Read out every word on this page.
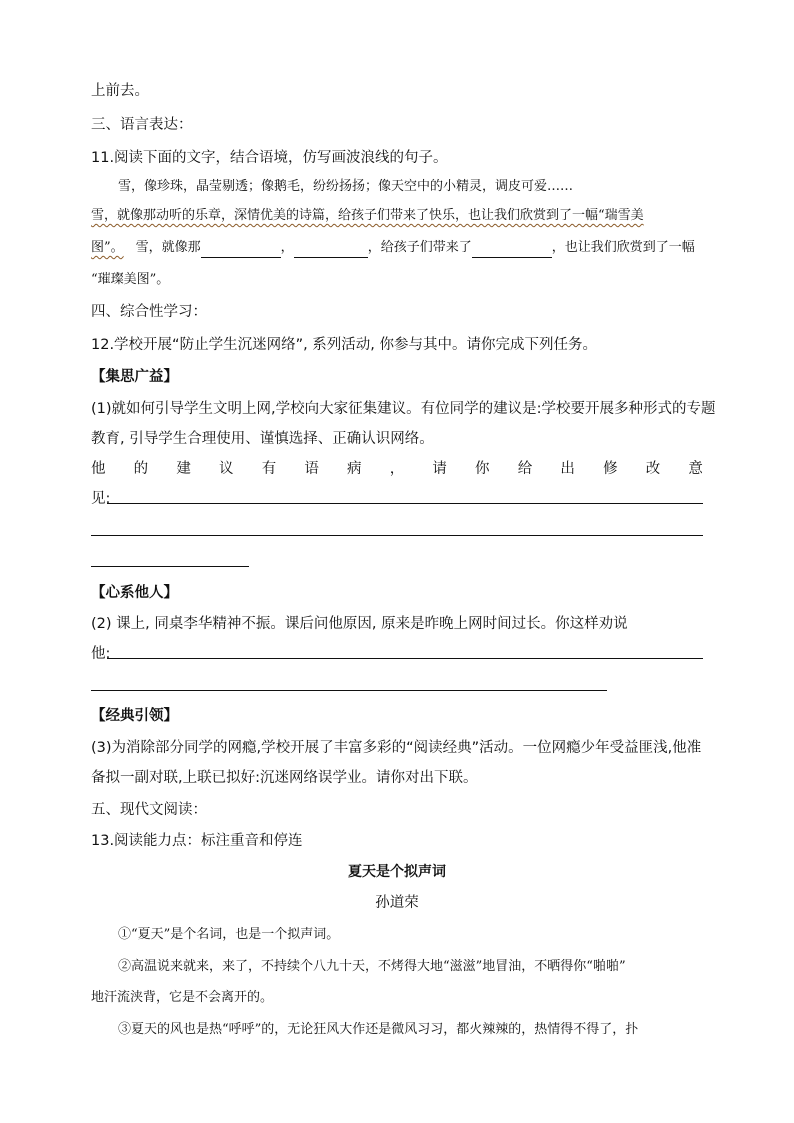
上前去。
三、语言表达：
11.阅读下面的文字，结合语境，仿写画波浪线的句子。
雪，像珍珠，晶莹剔透；像鹅毛，纷纷扬扬；像天空中的小精灵，调皮可爱……
雪，就像那动听的乐章，深情优美的诗篇，给孩子们带来了快乐，也让我们欣赏到了一幅“瑞雪美
图”。 雪，就像那	，	，给孩子们带来了	，也让我们欣赏到了一幅
“璀璨美图”。
四、综合性学习：
12.学校开展“防止学生沉迷网络”, 系列活动, 你参与其中。请你完成下列任务。
【集思广益】
(1)就如何引导学生文明上网,学校向大家征集建议。有位同学的建议是:学校要开展多种形式的专题
教育, 引导学生合理使用、谨慎选择、正确认识网络。
他 的 建 议 有 语 病 ， 请 你 给 出 修 改 意
见:
【心系他人】
(2) 课上, 同桌李华精神不振。课后问他原因, 原来是昨晚上网时间过长。你这样劝说
他:
【经典引领】
(3)为消除部分同学的网瘾,学校开展了丰富多彩的“阅读经典”活动。一位网瘾少年受益匪浅,他准
备拟一副对联,上联已拟好:沉迷网络误学业。请你对出下联。
五、现代文阅读：
13.阅读能力点：标注重音和停连
夏天是个拟声词
孙道荣
①“夏天”是个名词，也是一个拟声词。
②高温说来就来，来了，不持续个八九十天，不烤得大地“滋滋”地冒油，不晒得你“啪啪”
地汗流浃背，它是不会离开的。
③夏天的风也是热“呼呼”的，无论狂风大作还是微风习习，都火辣辣的，热情得不得了，扑
